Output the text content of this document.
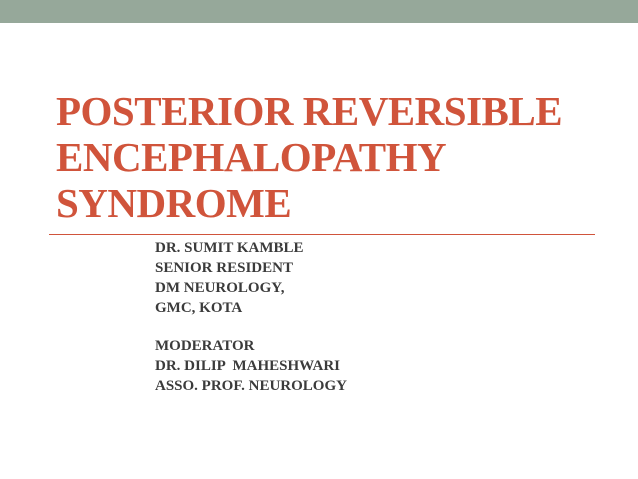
POSTERIOR REVERSIBLE
ENCEPHALOPATHY
SYNDROME
DR. SUMIT KAMBLE
SENIOR RESIDENT
DM NEUROLOGY,
GMC, KOTA
MODERATOR
DR. DILIP  MAHESHWARI
ASSO. PROF. NEUROLOGY
